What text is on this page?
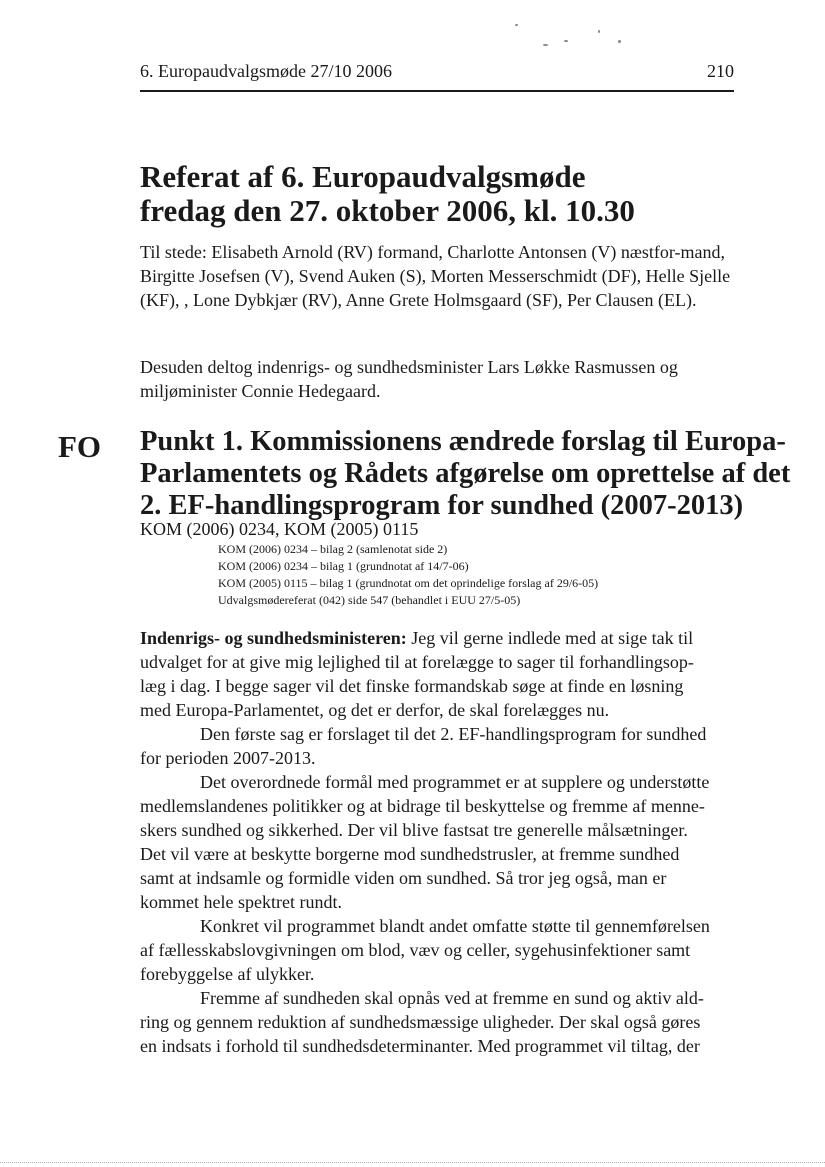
6. Europaudvalgsmøde 27/10 2006	210
Referat af 6. Europaudvalgsmøde
fredag den 27. oktober 2006, kl. 10.30

Til stede: Elisabeth Arnold (RV) formand, Charlotte Antonsen (V) næstfor-mand, Birgitte Josefsen (V), Svend Auken (S), Morten Messerschmidt (DF), Helle Sjelle (KF), , Lone Dybkjær (RV), Anne Grete Holmsgaard (SF), Per Clausen (EL).

Desuden deltog indenrigs- og sundhedsminister Lars Løkke Rasmussen og miljøminister Connie Hedegaard.

FO Punkt 1. Kommissionens ændrede forslag til Europa-
Parlamentets og Rådets afgørelse om oprettelse af det
2. EF-handlingsprogram for sundhed (2007-2013)
KOM (2006) 0234, KOM (2005) 0115
KOM (2006) 0234 – bilag 2 (samlenotat side 2)
KOM (2006) 0234 – bilag 1 (grundnotat af 14/7-06)
KOM (2005) 0115 – bilag 1 (grundnotat om det oprindelige forslag af 29/6-05)
Udvalgsmødereferat (042) side 547 (behandlet i EUU 27/5-05)
Indenrigs- og sundhedsministeren: Jeg vil gerne indlede med at sige tak til
udvalget for at give mig lejlighed til at forelægge to sager til forhandlingsop-
læg i dag. I begge sager vil det finske formandskab søge at finde en løsning
med Europa-Parlamentet, og det er derfor, de skal forelægges nu.
Den første sag er forslaget til det 2. EF-handlingsprogram for sundhed
for perioden 2007-2013.
Det overordnede formål med programmet er at supplere og understøtte
medlemslandenes politikker og at bidrage til beskyttelse og fremme af menne-
skers sundhed og sikkerhed. Der vil blive fastsat tre generelle målsætninger.
Det vil være at beskytte borgerne mod sundhedstrusler, at fremme sundhed
samt at indsamle og formidle viden om sundhed. Så tror jeg også, man er
kommet hele spektret rundt.
Konkret vil programmet blandt andet omfatte støtte til gennemførelsen
af fællesskabslovgivningen om blod, væv og celler, sygehusinfektioner samt
forebyggelse af ulykker.
Fremme af sundheden skal opnås ved at fremme en sund og aktiv ald-
ring og gennem reduktion af sundhedsmæssige uligheder. Der skal også gøres
en indsats i forhold til sundhedsdeterminanter. Med programmet vil tiltag, der
